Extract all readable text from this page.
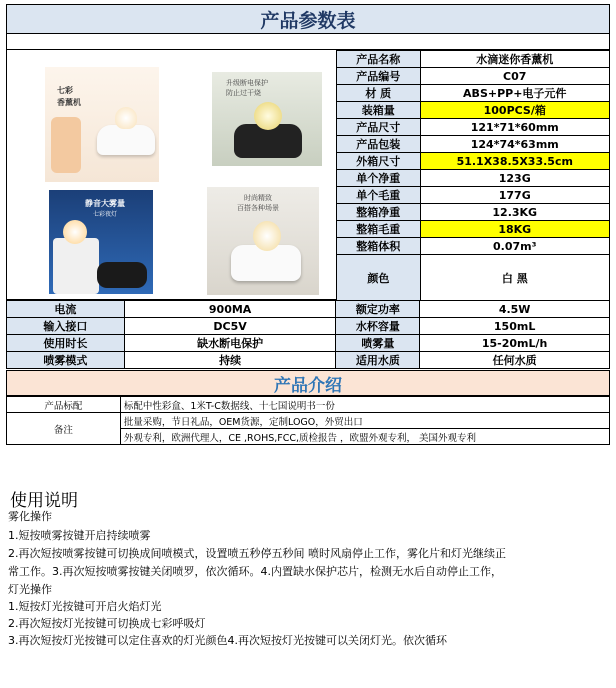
产品参数表
七彩
香薰机
升级断电保护
防止过干烧
静音大雾量
七彩夜灯
时尚精致
百搭各种场景
产品名称	水滴迷你香薰机
产品编号	C07
材 质	ABS+PP+电子元件
装箱量	100PCS/箱
产品尺寸	121*71*60mm
产品包装	124*74*63mm
外箱尺寸	51.1X38.5X33.5cm
单个净重	123G
单个毛重	177G
整箱净重	12.3KG
整箱毛重	18KG
整箱体积	0.07m³
颜色	白 黑
电流	900MA	额定功率	4.5W
输入接口	DC5V	水杯容量	150mL
使用时长	缺水断电保护	喷雾量	15-20mL/h
喷雾模式	持续	适用水质	任何水质
产品介绍
产品标配	标配中性彩盒、1米T-C数据线、十七国说明书一份
备注	批量采购，节日礼品，OEM货源，定制LOGO，外贸出口
	外观专利，欧洲代理人，CE ,ROHS,FCC,质检报告 ，欧盟外观专利， 美国外观专利
使用说明
雾化操作
1.短按喷雾按键开启持续喷雾
2.再次短按喷雾按键可切换成间喷模式，设置喷五秒停五秒间 喷时风扇停止工作，雾化片和灯光继续正
常工作。3.再次短按喷雾按键关闭喷罗，依次循环。4.内置缺水保护芯片，检测无水后自动停止工作，
灯光操作
1.短按灯光按键可开启火焰灯光
2.再次短按灯光按键可切换成七彩呼吸灯
3.再次短按灯光按键可以定住喜欢的灯光颜色4.再次短按灯光按键可以关闭灯光。依次循环
